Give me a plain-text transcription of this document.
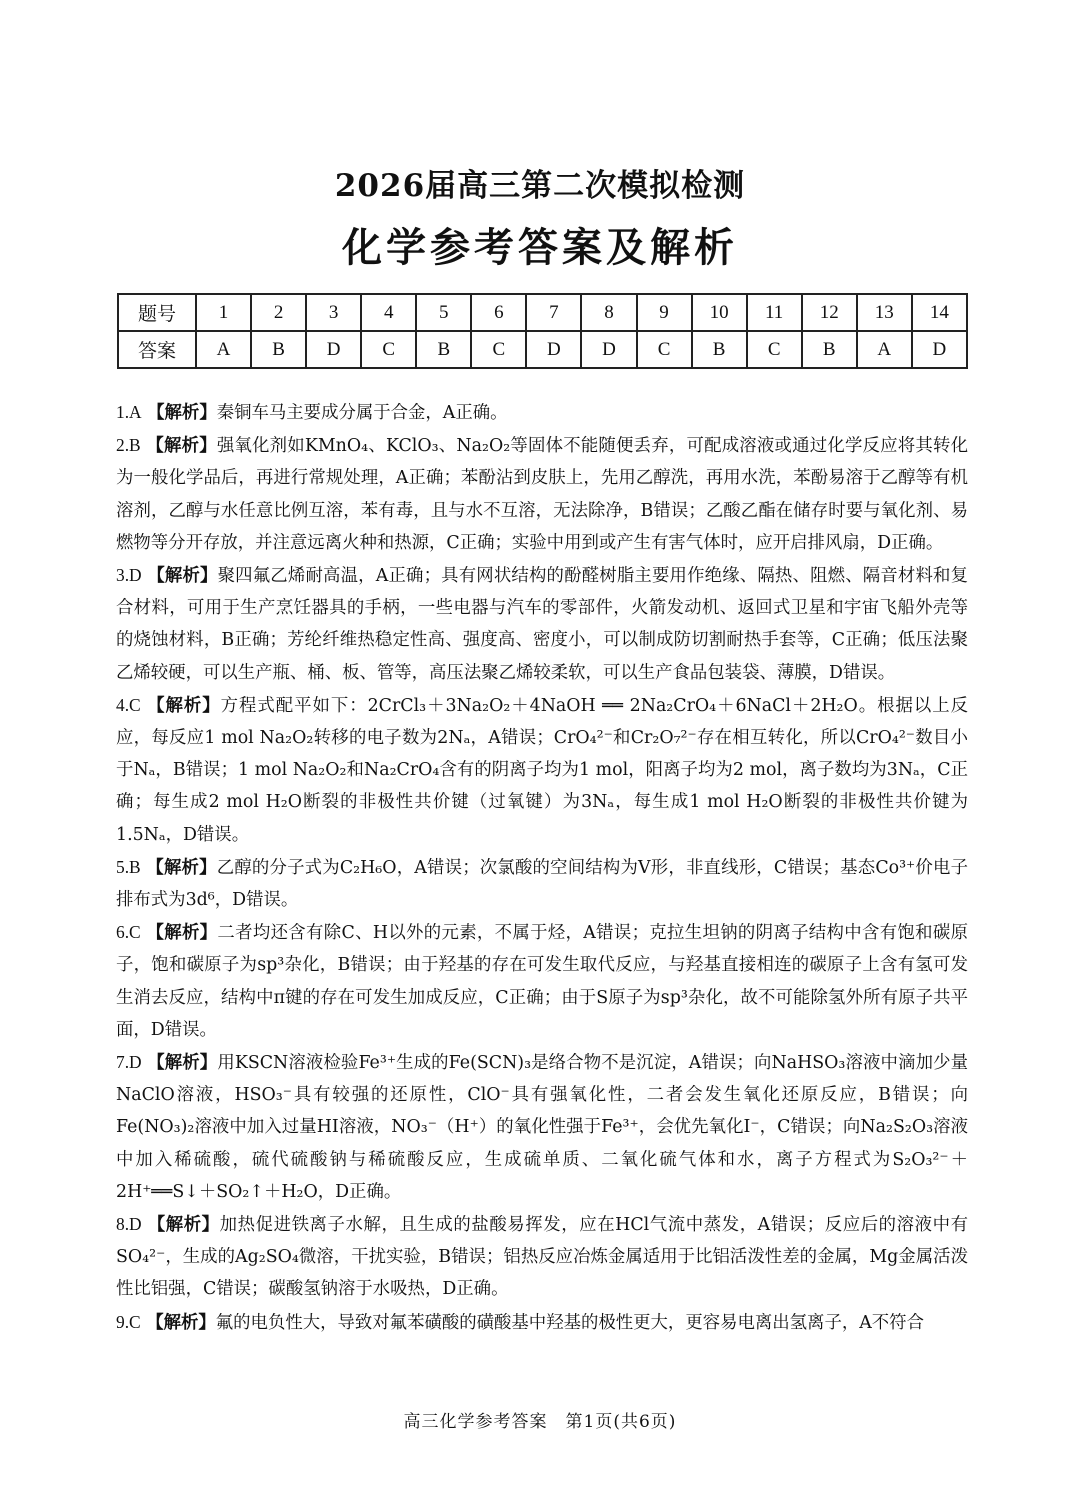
2026届高三第二次模拟检测
化学参考答案及解析
题号	1	2	3	4	5	6	7	8	9	10	11	12	13	14
答案	A	B	D	C	B	C	D	D	C	B	C	B	A	D

1.A 【解析】秦铜车马主要成分属于合金，A正确。

2.B 【解析】强氧化剂如KMnO₄、KClO₃、Na₂O₂等固体不能随便丢弃，可配成溶液或通过化学反应将其转化为一般化学品后，再进行常规处理，A正确；苯酚沾到皮肤上，先用乙醇洗，再用水洗，苯酚易溶于乙醇等有机溶剂，乙醇与水任意比例互溶，苯有毒，且与水不互溶，无法除净，B错误；乙酸乙酯在储存时要与氧化剂、易燃物等分开存放，并注意远离火种和热源，C正确；实验中用到或产生有害气体时，应开启排风扇，D正确。

3.D 【解析】聚四氟乙烯耐高温，A正确；具有网状结构的酚醛树脂主要用作绝缘、隔热、阻燃、隔音材料和复合材料，可用于生产烹饪器具的手柄，一些电器与汽车的零部件，火箭发动机、返回式卫星和宇宙飞船外壳等的烧蚀材料，B正确；芳纶纤维热稳定性高、强度高、密度小，可以制成防切割耐热手套等，C正确；低压法聚乙烯较硬，可以生产瓶、桶、板、管等，高压法聚乙烯较柔软，可以生产食品包装袋、薄膜，D错误。

4.C 【解析】方程式配平如下：2CrCl₃＋3Na₂O₂＋4NaOH ══ 2Na₂CrO₄＋6NaCl＋2H₂O。根据以上反应，每反应1 mol Na₂O₂转移的电子数为2Nₐ，A错误；CrO₄²⁻和Cr₂O₇²⁻存在相互转化，所以CrO₄²⁻数目小于Nₐ，B错误；1 mol Na₂O₂和Na₂CrO₄含有的阴离子均为1 mol，阳离子均为2 mol，离子数均为3Nₐ，C正确；每生成2 mol H₂O断裂的非极性共价键（过氧键）为3Nₐ，每生成1 mol H₂O断裂的非极性共价键为1.5Nₐ，D错误。

5.B 【解析】乙醇的分子式为C₂H₆O，A错误；次氯酸的空间结构为V形，非直线形，C错误；基态Co³⁺价电子排布式为3d⁶，D错误。

6.C 【解析】二者均还含有除C、H以外的元素，不属于烃，A错误；克拉生坦钠的阴离子结构中含有饱和碳原子，饱和碳原子为sp³杂化，B错误；由于羟基的存在可发生取代反应，与羟基直接相连的碳原子上含有氢可发生消去反应，结构中π键的存在可发生加成反应，C正确；由于S原子为sp³杂化，故不可能除氢外所有原子共平面，D错误。

7.D 【解析】用KSCN溶液检验Fe³⁺生成的Fe(SCN)₃是络合物不是沉淀，A错误；向NaHSO₃溶液中滴加少量NaClO溶液，HSO₃⁻具有较强的还原性，ClO⁻具有强氧化性，二者会发生氧化还原反应，B错误；向Fe(NO₃)₂溶液中加入过量HI溶液，NO₃⁻（H⁺）的氧化性强于Fe³⁺，会优先氧化I⁻，C错误；向Na₂S₂O₃溶液中加入稀硫酸，硫代硫酸钠与稀硫酸反应，生成硫单质、二氧化硫气体和水，离子方程式为S₂O₃²⁻＋2H⁺══S↓＋SO₂↑＋H₂O，D正确。

8.D 【解析】加热促进铁离子水解，且生成的盐酸易挥发，应在HCl气流中蒸发，A错误；反应后的溶液中有SO₄²⁻，生成的Ag₂SO₄微溶，干扰实验，B错误；铝热反应冶炼金属适用于比铝活泼性差的金属，Mg金属活泼性比铝强，C错误；碳酸氢钠溶于水吸热，D正确。

9.C 【解析】氟的电负性大，导致对氟苯磺酸的磺酸基中羟基的极性更大，更容易电离出氢离子，A不符合

高三化学参考答案　第1页(共6页)
